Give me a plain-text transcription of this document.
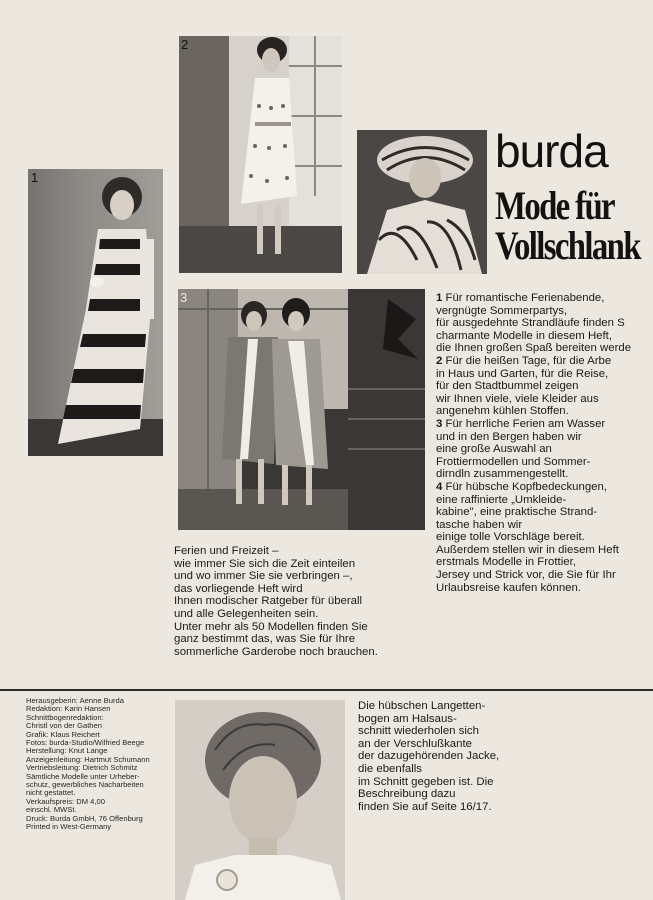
1
2
3
burda
Mode für
Vollschlank
1 Für romantische Ferienabende,
vergnügte Sommerpartys,
für ausgedehnte Strandläufe finden S
charmante Modelle in diesem Heft,
die Ihnen großen Spaß bereiten werde
2 Für die heißen Tage, für die Arbe
in Haus und Garten, für die Reise,
für den Stadtbummel zeigen
wir Ihnen viele, viele Kleider aus
angenehm kühlen Stoffen.
3 Für herrliche Ferien am Wasser
und in den Bergen haben wir
eine große Auswahl an
Frottiermodellen und Sommer-
dirndln zusammengestellt.
4 Für hübsche Kopfbedeckungen,
eine raffinierte „Umkleide-
kabine", eine praktische Strand-
tasche haben wir
einige tolle Vorschläge bereit.
Außerdem stellen wir in diesem Heft
erstmals Modelle in Frottier,
Jersey und Strick vor, die Sie für Ihr
Urlaubsreise kaufen können.
Ferien und Freizeit –
wie immer Sie sich die Zeit einteilen
und wo immer Sie sie verbringen –,
das vorliegende Heft wird
Ihnen modischer Ratgeber für überall
und alle Gelegenheiten sein.
Unter mehr als 50 Modellen finden Sie
ganz bestimmt das, was Sie für Ihre
sommerliche Garderobe noch brauchen.
Herausgeberin: Aenne Burda
Redaktion: Karin Hansen
Schnittbogenredaktion:
Christl von der Gathen
Grafik: Klaus Reichert
Fotos: burda-Studio/Wilfried Beege
Herstellung: Knut Lange
Anzeigenleitung: Hartmut Schumann
Vertriebsleitung: Dietrich Schmitz
Sämtliche Modelle unter Urheber-
schutz, gewerbliches Nacharbeiten
nicht gestattet.
Verkaufspreis: DM 4,00
einschl. MWSt.
Druck: Burda GmbH, 76 Offenburg
Printed in West-Germany
Die hübschen Langetten-
bogen am Halsaus-
schnitt wiederholen sich
an der Verschlußkante
der dazugehörenden Jacke,
die ebenfalls
im Schnitt gegeben ist. Die
Beschreibung dazu
finden Sie auf Seite 16/17.
